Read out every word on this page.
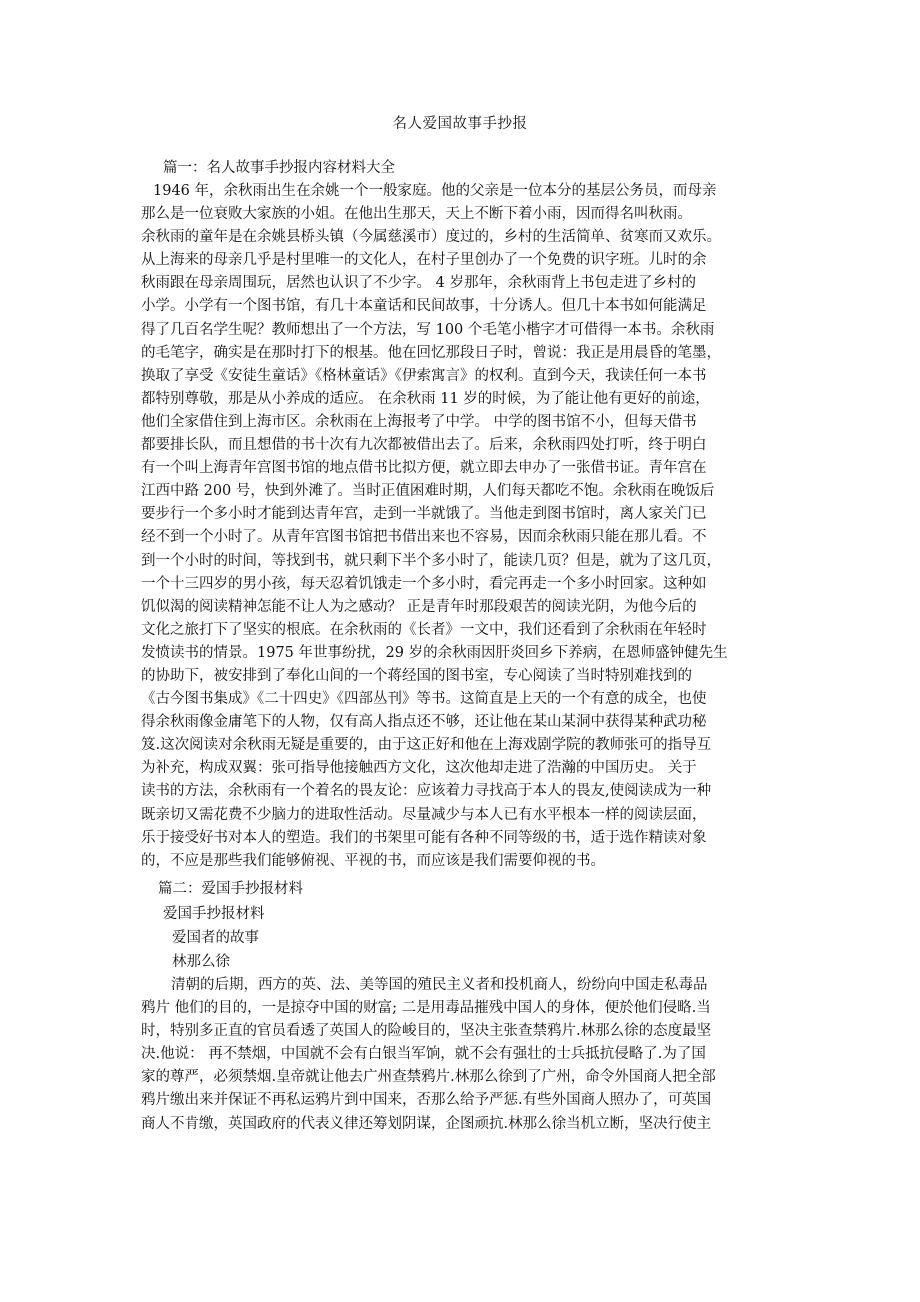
名人爱国故事手抄报
篇一：名人故事手抄报内容材料大全
1946 年，余秋雨出生在余姚一个一般家庭。他的父亲是一位本分的基层公务员，而母亲
那么是一位衰败大家族的小姐。在他出生那天，天上不断下着小雨，因而得名叫秋雨。
余秋雨的童年是在余姚县桥头镇（今属慈溪市）度过的，乡村的生活简单、贫寒而又欢乐。
从上海来的母亲几乎是村里唯一的文化人，在村子里创办了一个免费的识字班。儿时的余
秋雨跟在母亲周围玩，居然也认识了不少字。 4 岁那年，余秋雨背上书包走进了乡村的
小学。小学有一个图书馆，有几十本童话和民间故事，十分诱人。但几十本书如何能满足
得了几百名学生呢？教师想出了一个方法，写 100 个毛笔小楷字才可借得一本书。余秋雨
的毛笔字，确实是在那时打下的根基。他在回忆那段日子时，曾说：我正是用晨昏的笔墨，
换取了享受《安徒生童话》《格林童话》《伊索寓言》的权利。直到今天，我读任何一本书
都特别尊敬，那是从小养成的适应。 在余秋雨 11 岁的时候，为了能让他有更好的前途，
他们全家借住到上海市区。余秋雨在上海报考了中学。 中学的图书馆不小，但每天借书
都要排长队，而且想借的书十次有九次都被借出去了。后来，余秋雨四处打听，终于明白
有一个叫上海青年宫图书馆的地点借书比拟方便，就立即去申办了一张借书证。青年宫在
江西中路 200 号，快到外滩了。当时正值困难时期，人们每天都吃不饱。余秋雨在晚饭后
要步行一个多小时才能到达青年宫，走到一半就饿了。当他走到图书馆时，离人家关门已
经不到一个小时了。从青年宫图书馆把书借出来也不容易，因而余秋雨只能在那儿看。不
到一个小时的时间，等找到书，就只剩下半个多小时了，能读几页？但是，就为了这几页，
一个十三四岁的男小孩，每天忍着饥饿走一个多小时，看完再走一个多小时回家。这种如
饥似渴的阅读精神怎能不让人为之感动？ 正是青年时那段艰苦的阅读光阴，为他今后的
文化之旅打下了坚实的根底。在余秋雨的《长者》一文中，我们还看到了余秋雨在年轻时
发愤读书的情景。1975 年世事纷扰，29 岁的余秋雨因肝炎回乡下养病，在恩师盛钟健先生
的协助下，被安排到了奉化山间的一个蒋经国的图书室，专心阅读了当时特别难找到的
《古今图书集成》《二十四史》《四部丛刊》等书。这简直是上天的一个有意的成全，也使
得余秋雨像金庸笔下的人物，仅有高人指点还不够，还让他在某山某洞中获得某种武功秘
笈.这次阅读对余秋雨无疑是重要的，由于这正好和他在上海戏剧学院的教师张可的指导互
为补充，构成双翼：张可指导他接触西方文化，这次他却走进了浩瀚的中国历史。 关于
读书的方法，余秋雨有一个着名的畏友论：应该着力寻找高于本人的畏友,使阅读成为一种
既亲切又需花费不少脑力的进取性活动。尽量减少与本人已有水平根本一样的阅读层面，
乐于接受好书对本人的塑造。我们的书架里可能有各种不同等级的书，适于选作精读对象
的，不应是那些我们能够俯视、平视的书，而应该是我们需要仰视的书。
篇二：爱国手抄报材料
爱国手抄报材料
爱国者的故事
林那么徐
清朝的后期，西方的英、法、美等国的殖民主义者和投机商人，纷纷向中国走私毒品
鸦片 他们的目的，一是掠夺中国的财富; 二是用毒品摧残中国人的身体，便於他们侵略.当
时，特别多正直的官员看透了英国人的险峻目的，坚决主张查禁鸦片.林那么徐的态度最坚
决.他说： 再不禁烟，中国就不会有白银当军饷，就不会有强壮的士兵抵抗侵略了.为了国
家的尊严，必须禁烟.皇帝就让他去广州查禁鸦片.林那么徐到了广州，命令外国商人把全部
鸦片缴出来并保证不再私运鸦片到中国来，否那么给予严惩.有些外国商人照办了，可英国
商人不肯缴，英国政府的代表义律还筹划阴谋，企图顽抗.林那么徐当机立断，坚决行使主
